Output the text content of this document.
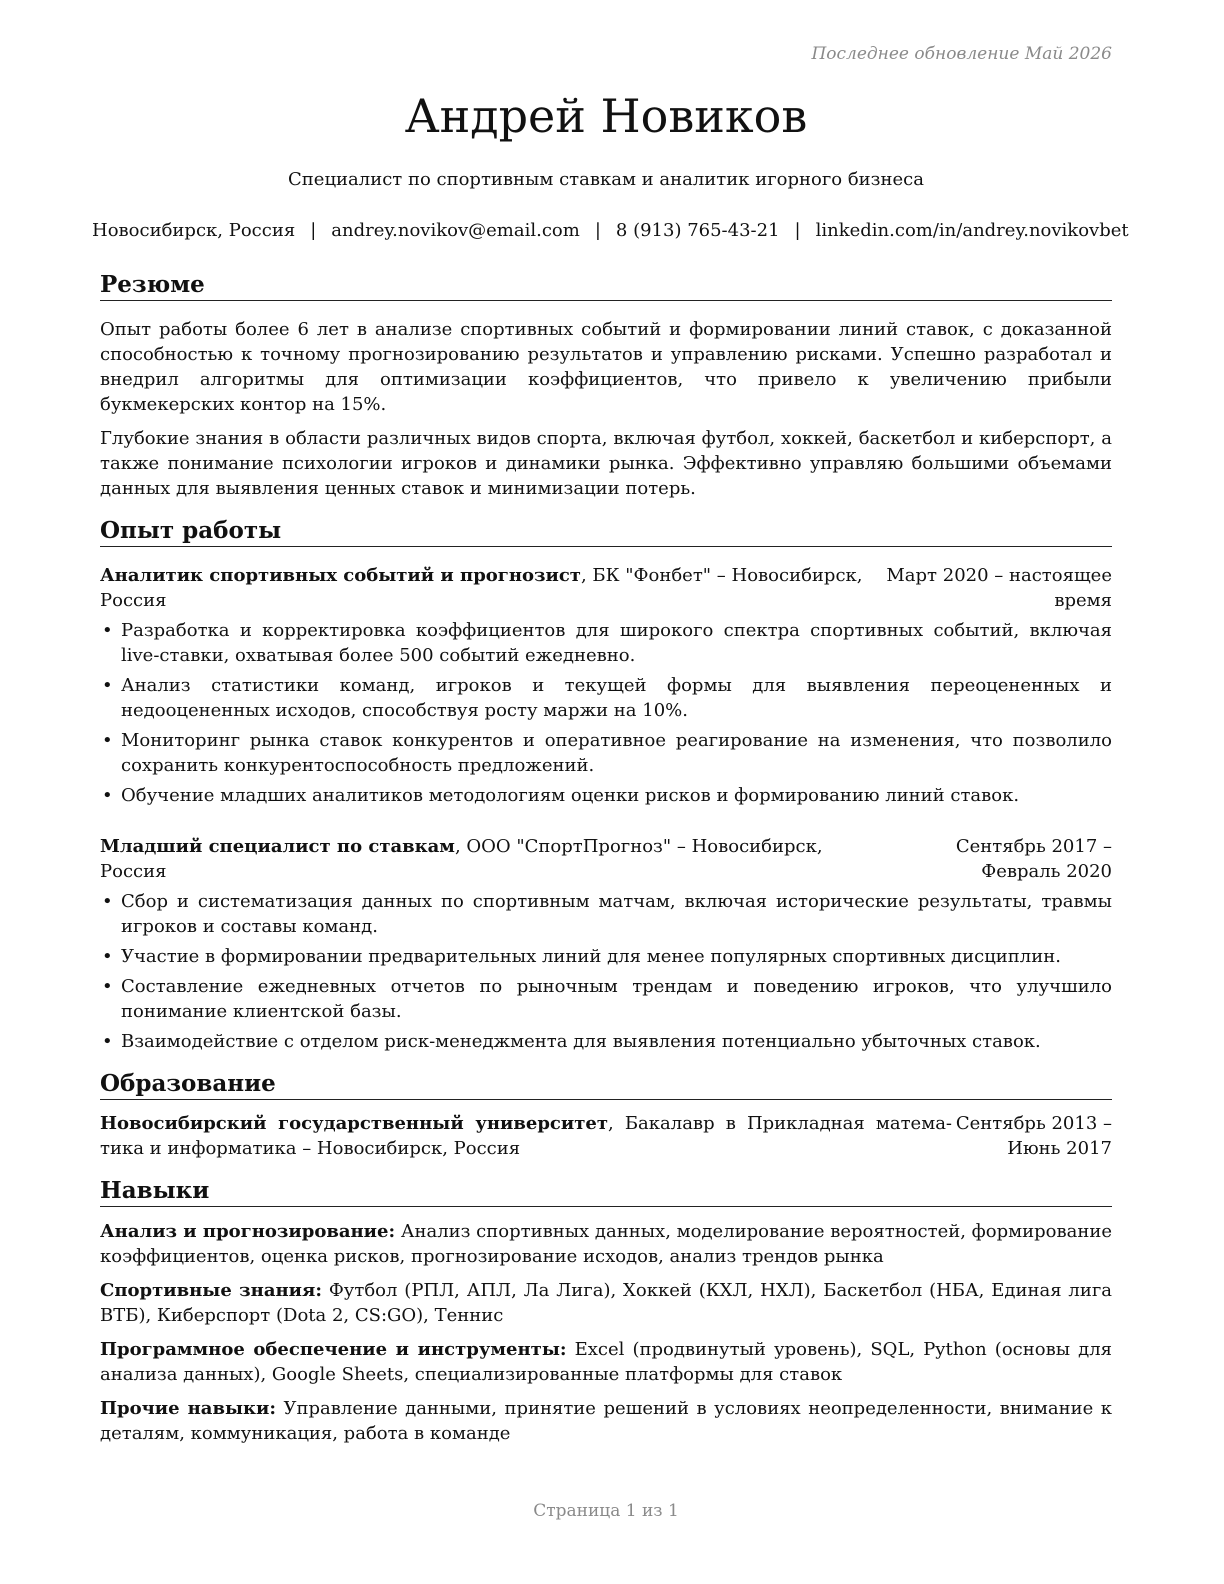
Последнее обновление Май 2026
Андрей Новиков
Специалист по спортивным ставкам и аналитик игорного бизнеса
Новосибирск, Россия | andrey.novikov@email.com | 8 (913) 765-43-21 | linkedin.com/in/andrey.novikovbet
Резюме

Опыт работы более 6 лет в анализе спортивных событий и формировании линий ставок, с доказанной способностью к точному прогнозированию результатов и управлению рисками. Успешно разработал и внедрил алгоритмы для оптимизации коэффициентов, что привело к увеличению прибыли букмекерских контор на 15%.

Глубокие знания в области различных видов спорта, включая футбол, хоккей, баскетбол и киберспорт, а также понимание психологии игроков и динамики рынка. Эффективно управляю большими объемами данных для выявления ценных ставок и минимизации потерь.

Опыт работы
Аналитик спортивных событий и прогнозист, БК "Фонбет" – Новосибирск, Россия
Март 2020 – настоящее время
• Разработка и корректировка коэффициентов для широкого спектра спортивных событий, включая live-ставки, охватывая более 500 событий ежедневно.
• Анализ статистики команд, игроков и текущей формы для выявления переоцененных и недооцененных исходов, способствуя росту маржи на 10%.
• Мониторинг рынка ставок конкурентов и оперативное реагирование на изменения, что позволило сохранить конкурентоспособность предложений.
• Обучение младших аналитиков методологиям оценки рисков и формированию линий ставок.
Младший специалист по ставкам, ООО "СпортПрогноз" – Новосибирск, Россия
Сентябрь 2017 – Февраль 2020
• Сбор и систематизация данных по спортивным матчам, включая исторические результаты, травмы игроков и составы команд.
• Участие в формировании предварительных линий для менее популярных спортивных дисциплин.
• Составление ежедневных отчетов по рыночным трендам и поведению игроков, что улучшило понимание клиентской базы.
• Взаимодействие с отделом риск-менеджмента для выявления потенциально убыточных ставок.
Образование
Новосибирский государственный университет, Бакалавр в Прикладная матема-тика и информатика – Новосибирск, Россия
Сентябрь 2013 – Июнь 2017
Навыки

Анализ и прогнозирование: Анализ спортивных данных, моделирование вероятностей, формирование коэффициентов, оценка рисков, прогнозирование исходов, анализ трендов рынка

Спортивные знания: Футбол (РПЛ, АПЛ, Ла Лига), Хоккей (КХЛ, НХЛ), Баскетбол (НБА, Единая лига ВТБ), Киберспорт (Dota 2, CS:GO), Теннис

Программное обеспечение и инструменты: Excel (продвинутый уровень), SQL, Python (основы для анализа данных), Google Sheets, специализированные платформы для ставок

Прочие навыки: Управление данными, принятие решений в условиях неопределенности, внимание к деталям, коммуникация, работа в команде

Страница 1 из 1
